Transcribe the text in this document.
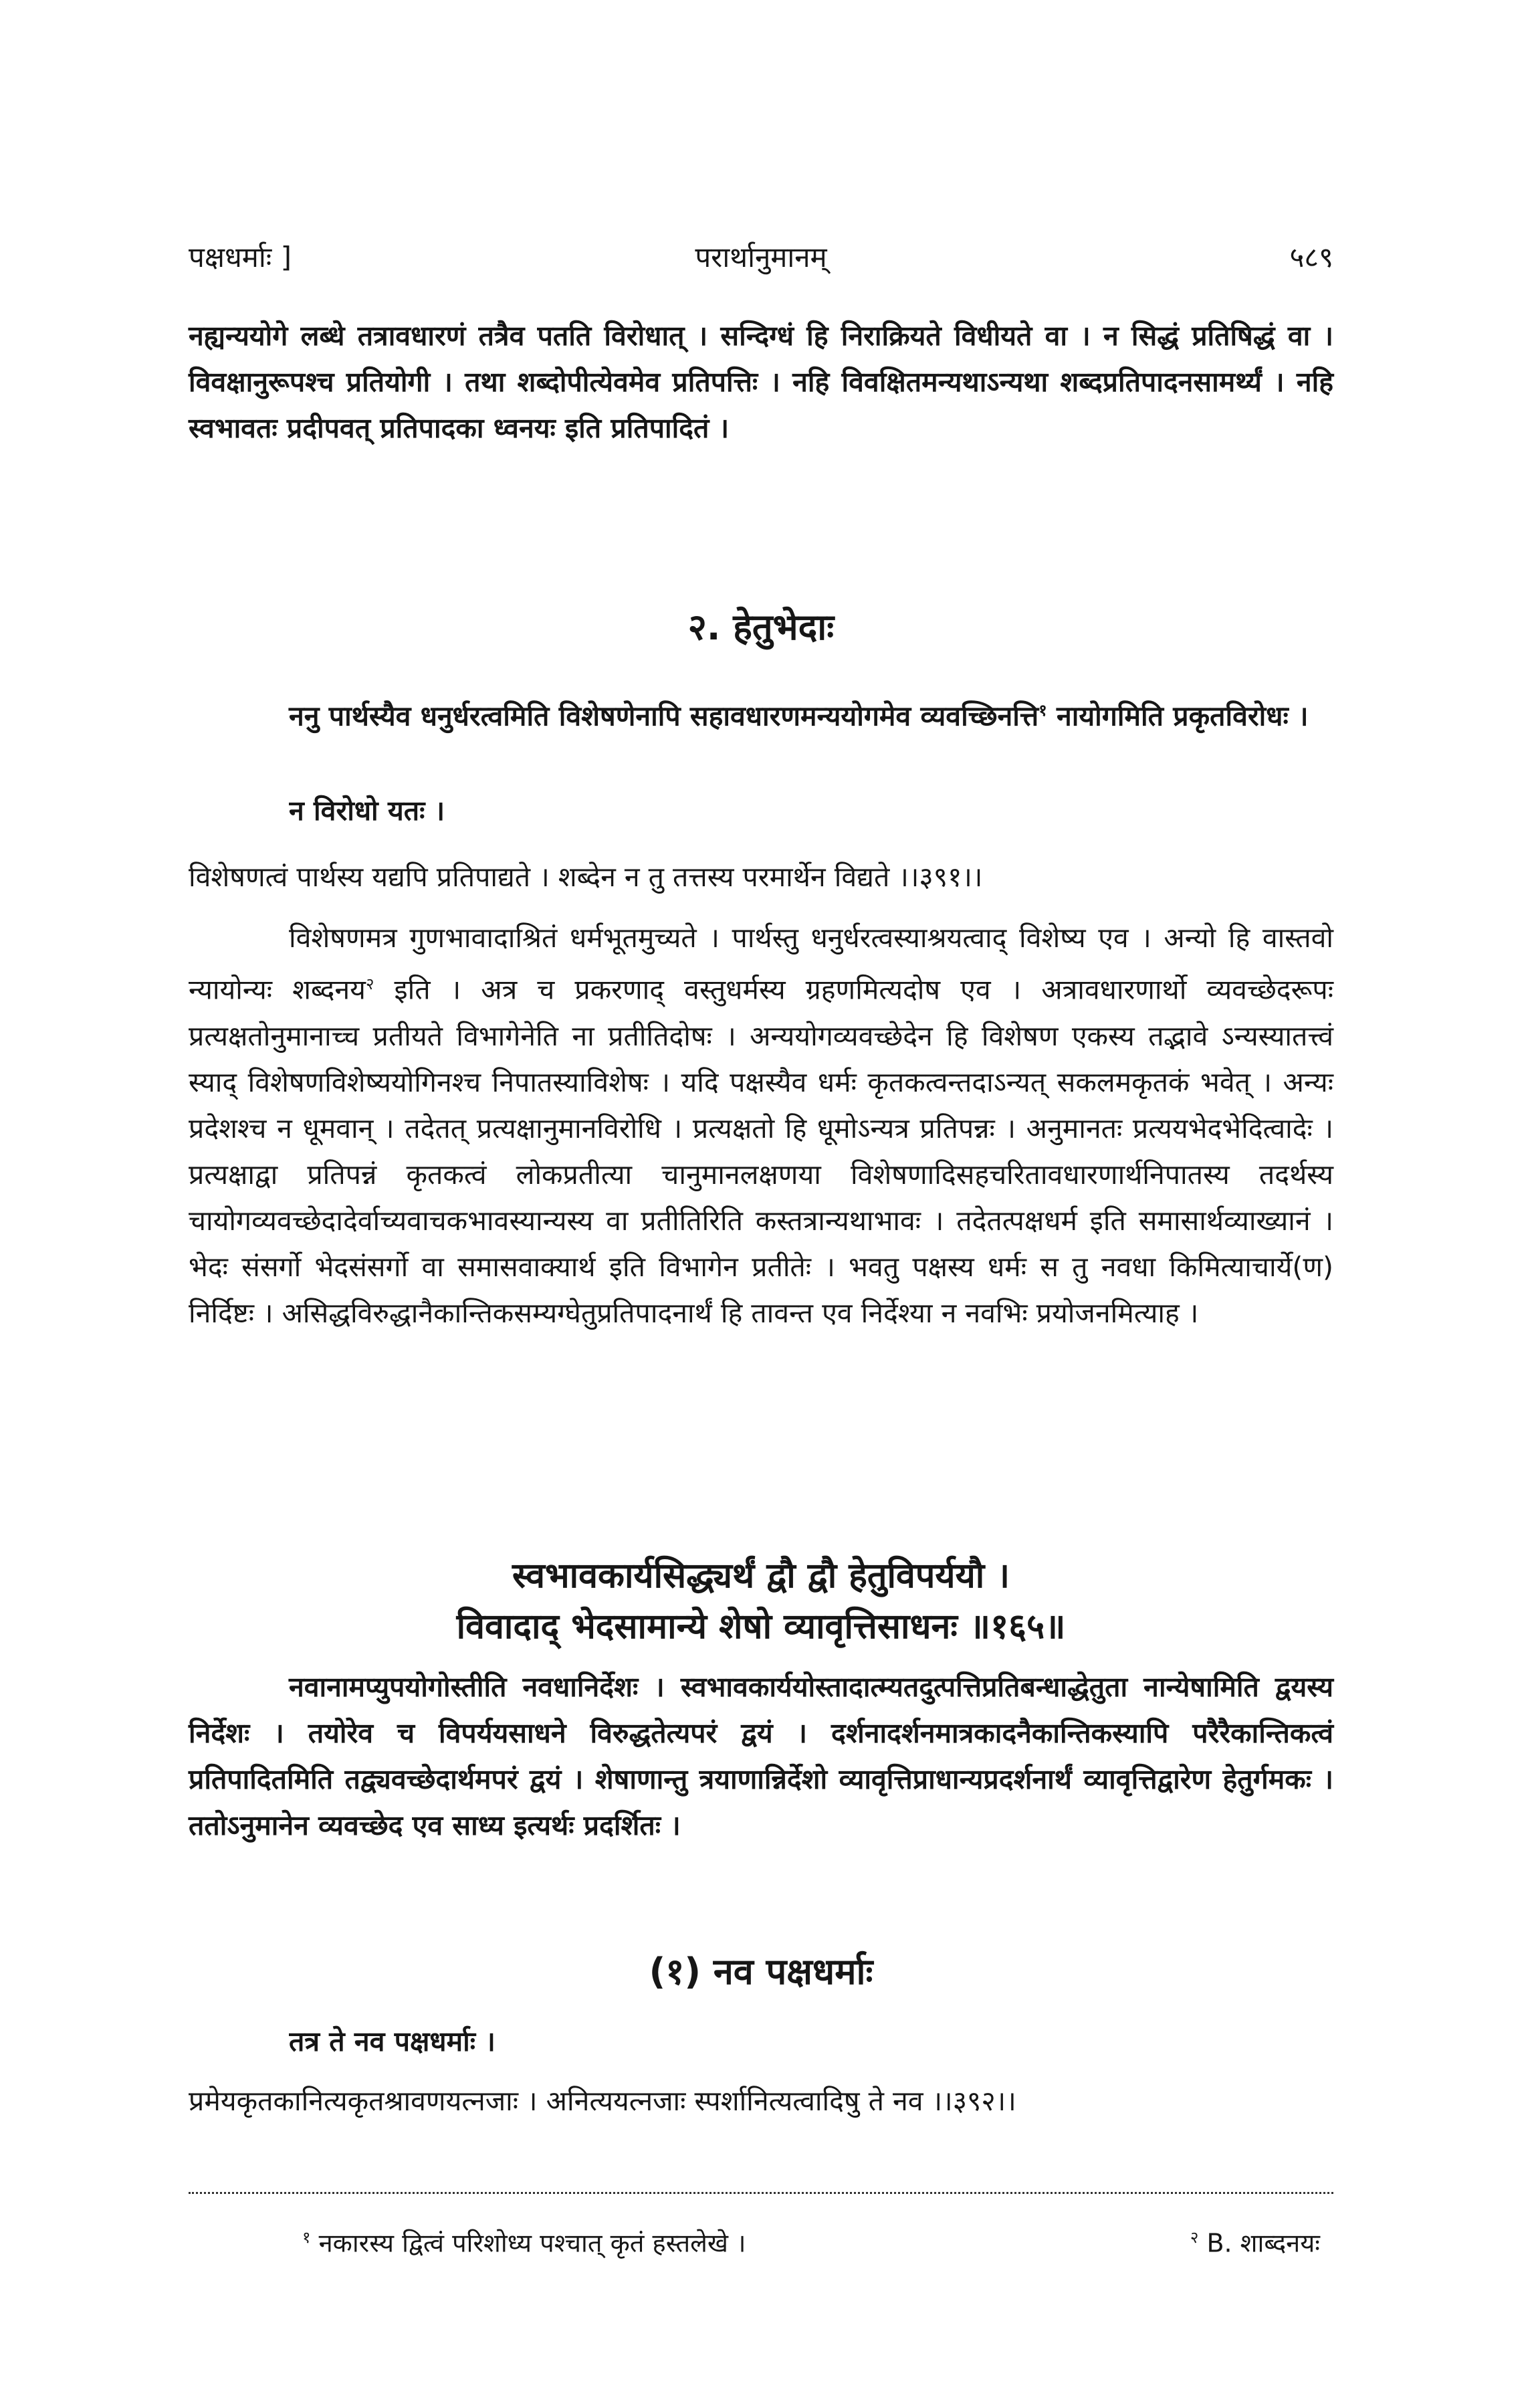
पक्षधर्माः ]	परार्थानुमानम्	५८९

नह्यन्ययोगे लब्धे तत्रावधारणं तत्रैव पतति विरोधात् । सन्दिग्धं हि निराक्रियते विधीयते वा । न सिद्धं प्रतिषिद्धं वा । विवक्षानुरूपश्च प्रतियोगी । तथा शब्दोपीत्येवमेव प्रतिपत्तिः । नहि विवक्षितमन्यथाऽन्यथा शब्दप्रतिपादनसामर्थ्यं । नहि स्वभावतः प्रदीपवत् प्रतिपादका ध्वनयः इति प्रतिपादितं ।

२. हेतुभेदाः

ननु पार्थस्यैव धनुर्धरत्वमिति विशेषणेनापि सहावधारणमन्ययोगमेव व्यवच्छिनत्ति$^१$ नायोगमिति प्रकृतविरोधः ।

न विरोधो यतः ।
विशेषणत्वं पार्थस्य यद्यपि प्रतिपाद्यते । शब्देन न तु तत्तस्य परमार्थेन विद्यते ।।३९१।।

विशेषणमत्र गुणभावादाश्रितं धर्मभूतमुच्यते । पार्थस्तु धनुर्धरत्वस्याश्रयत्वाद् विशेष्य एव । अन्यो हि वास्तवो न्यायोन्यः शब्दनय$^२$ इति । अत्र च प्रकरणाद् वस्तुधर्मस्य ग्रहणमित्यदोष एव । अत्रावधारणार्थो व्यवच्छेदरूपः प्रत्यक्षतोनुमानाच्च प्रतीयते विभागेनेति ना प्रतीतिदोषः । अन्ययोगव्यवच्छेदेन हि विशेषण एकस्य तद्भावे ऽन्यस्यातत्त्वं स्याद् विशेषणविशेष्ययोगिनश्च निपातस्याविशेषः । यदि पक्षस्यैव धर्मः कृतकत्वन्तदाऽन्यत् सकलमकृतकं भवेत् । अन्यः प्रदेशश्च न धूमवान् । तदेतत् प्रत्यक्षानुमानविरोधि । प्रत्यक्षतो हि धूमोऽन्यत्र प्रतिपन्नः । अनुमानतः प्रत्ययभेदभेदित्वादेः । प्रत्यक्षाद्वा प्रतिपन्नं कृतकत्वं लोकप्रतीत्या चानुमानलक्षणया विशेषणादिसहचरितावधारणार्थनिपातस्य तदर्थस्य चायोगव्यवच्छेदादेर्वाच्यवाचकभावस्यान्यस्य वा प्रतीतिरिति कस्तत्रान्यथाभावः । तदेतत्पक्षधर्म इति समासार्थव्याख्यानं । भेदः संसर्गो भेदसंसर्गो वा समासवाक्यार्थ इति विभागेन प्रतीतेः । भवतु पक्षस्य धर्मः स तु नवधा किमित्याचार्ये(ण) निर्दिष्टः । असिद्धविरुद्धानैकान्तिकसम्यग्घेतुप्रतिपादनार्थं हि तावन्त एव निर्देश्या न नवभिः प्रयोजनमित्याह ।

स्वभावकार्यसिद्ध्यर्थं द्वौ द्वौ हेतुविपर्ययौ ।
विवादाद् भेदसामान्ये शेषो व्यावृत्तिसाधनः ॥१६५॥

नवानामप्युपयोगोस्तीति नवधानिर्देशः । स्वभावकार्ययोस्तादात्म्यतदुत्पत्तिप्रतिबन्धाद्धेतुता नान्येषामिति द्वयस्य निर्देशः । तयोरेव च विपर्ययसाधने विरुद्धतेत्यपरं द्वयं । दर्शनादर्शनमात्रकादनैकान्तिकस्यापि परैरैकान्तिकत्वं प्रतिपादितमिति तद्व्यवच्छेदार्थमपरं द्वयं । शेषाणान्तु त्रयाणान्निर्देशो व्यावृत्तिप्राधान्यप्रदर्शनार्थं व्यावृत्तिद्वारेण हेतुर्गमकः । ततोऽनुमानेन व्यवच्छेद एव साध्य इत्यर्थः प्रदर्शितः ।

(१) नव पक्षधर्माः
तत्र ते नव पक्षधर्माः ।
प्रमेयकृतकानित्यकृतश्रावणयत्नजाः । अनित्ययत्नजाः स्पर्शानित्यत्वादिषु ते नव ।।३९२।।
$^१$ नकारस्य द्वित्वं परिशोध्य पश्चात् कृतं हस्तलेखे ।	$^२$ B. शाब्दनयः
